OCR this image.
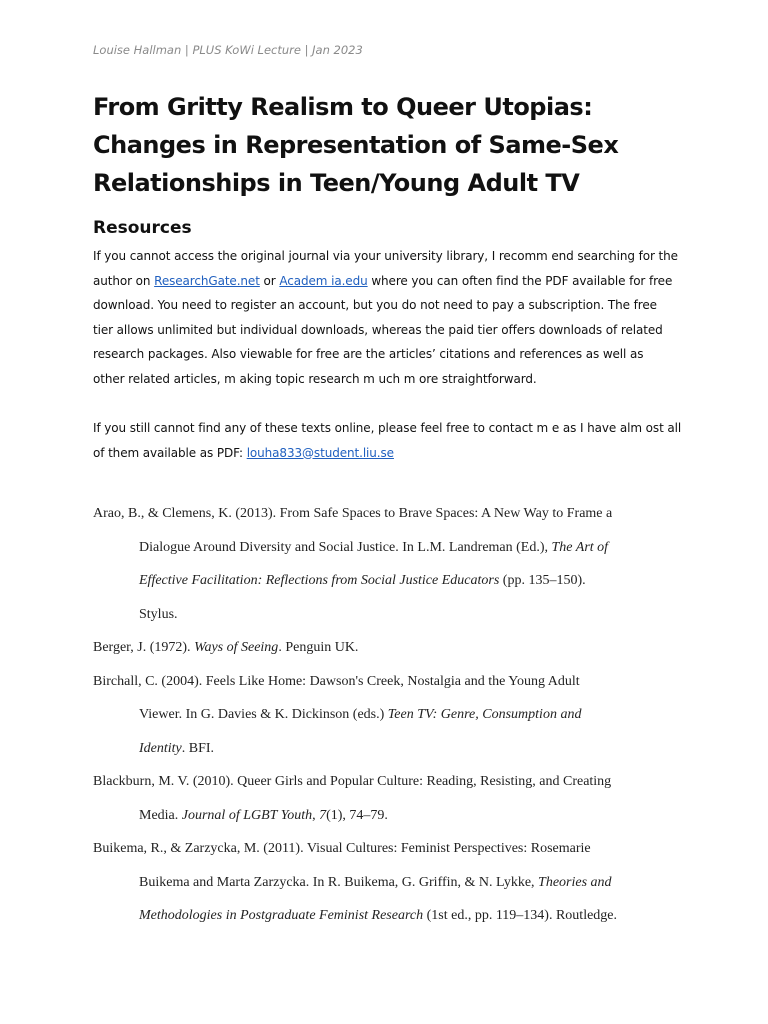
Louise Hallman | PLUS KoWi Lecture | Jan 2023
From Gritty Realism to Queer Utopias:
Changes in Representation of Same-Sex
Relationships in Teen/Young Adult TV
Resources

If you cannot access the original journal via your university library, I recomm end searching for the
author on ResearchGate.net or Academ ia.edu where you can often find the PDF available for free
download. You need to register an account, but you do not need to pay a subscription. The free
tier allows unlimited but individual downloads, whereas the paid tier offers downloads of related
research packages. Also viewable for free are the articles’ citations and references as well as
other related articles, m aking topic research m uch m ore straightforward.

If you still cannot find any of these texts online, please feel free to contact m e as I have alm ost all
of them available as PDF: louha833@student.liu.se

Arao, B., & Clemens, K. (2013). From Safe Spaces to Brave Spaces: A New Way to Frame a
Dialogue Around Diversity and Social Justice. In L.M. Landreman (Ed.), The Art of
Effective Facilitation: Reflections from Social Justice Educators (pp. 135–150).
Stylus.
Berger, J. (1972). Ways of Seeing. Penguin UK.
Birchall, C. (2004). Feels Like Home: Dawson's Creek, Nostalgia and the Young Adult
Viewer. In G. Davies & K. Dickinson (eds.) Teen TV: Genre, Consumption and
Identity. BFI.
Blackburn, M. V. (2010). Queer Girls and Popular Culture: Reading, Resisting, and Creating
Media. Journal of LGBT Youth, 7(1), 74–79.
Buikema, R., & Zarzycka, M. (2011). Visual Cultures: Feminist Perspectives: Rosemarie
Buikema and Marta Zarzycka. In R. Buikema, G. Griffin, & N. Lykke, Theories and
Methodologies in Postgraduate Feminist Research (1st ed., pp. 119–134). Routledge.
